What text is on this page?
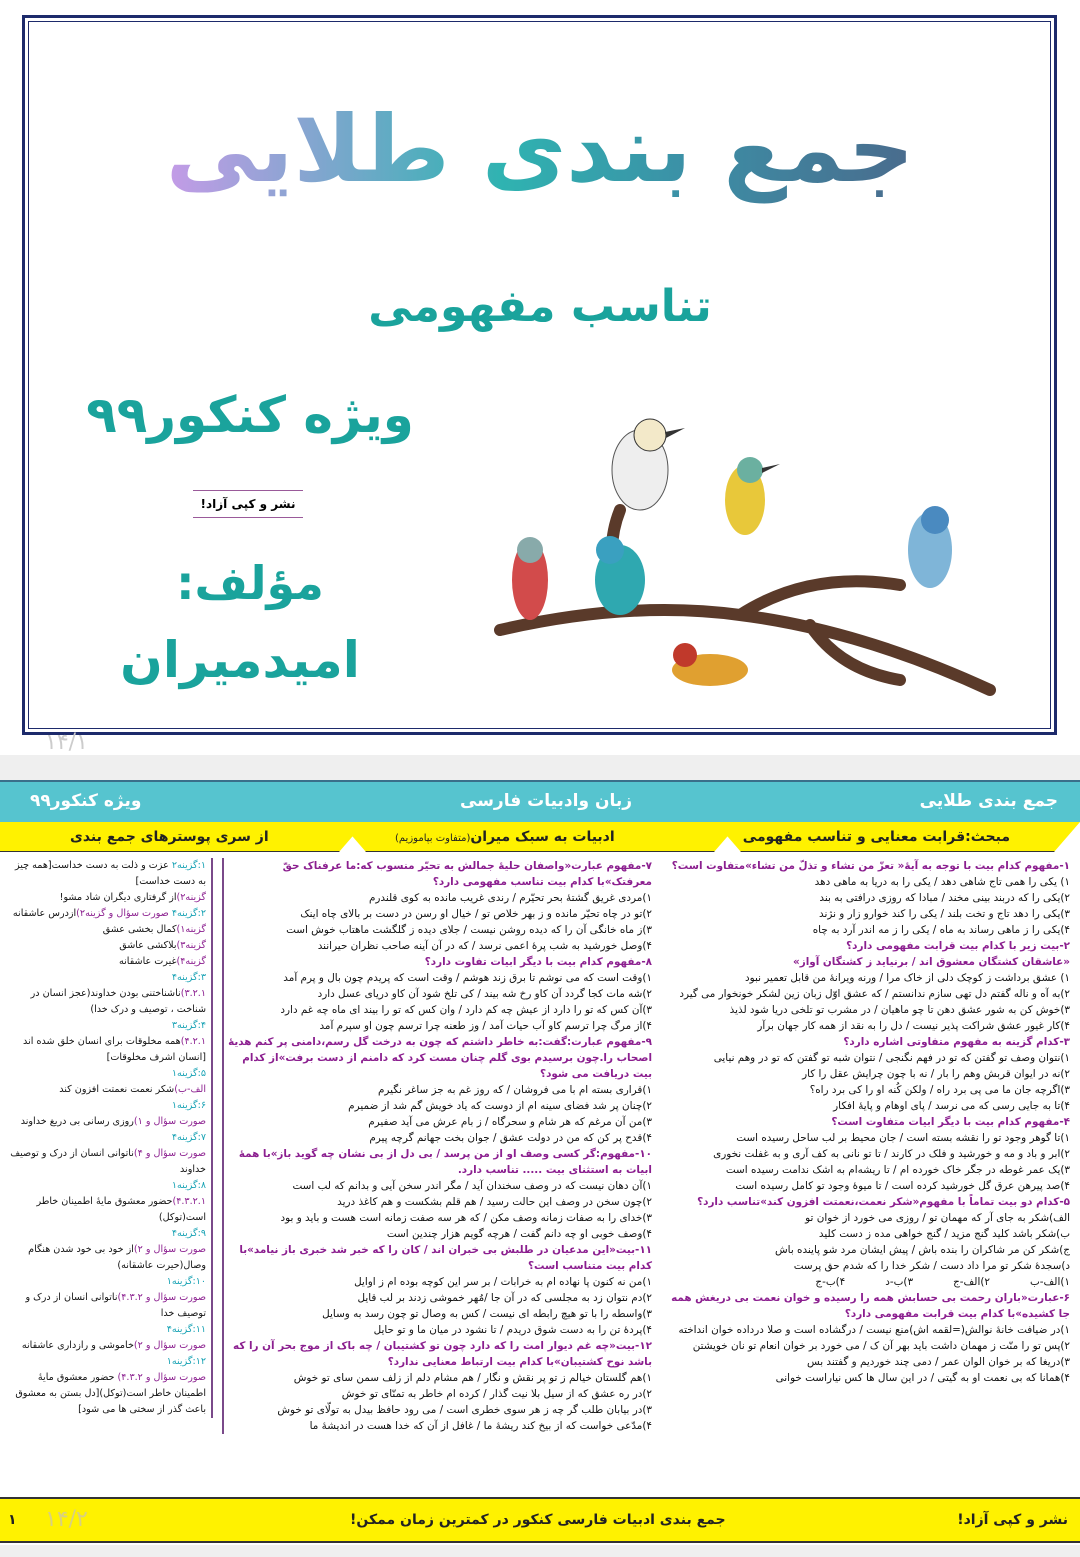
جمع بندی طلایی
تناسب مفهومی
ویژه کنکور۹۹
نشر و کپی آزاد!
مؤلف:
امیدمیران
۱۴/۱
جمع بندی طلایی
زبان وادبیات فارسی
ویژه کنکور۹۹
مبحث:قرابت معنایی و تناسب مفهومی
ادبیات به سبک میران(متفاوت بپاموزیم)
از سری پوسترهای جمع بندی
۱-مفهوم کدام بیت با توجه به آیهٔ« تعزّ من تشاء و تذلّ من تشاء»متفاوت است؟
۱) یکی را همی تاج شاهی دهد / یکی را به دریا به ماهی دهد
۲)یکی را که دربند بینی مخند / مبادا که روزی درافتی به بند
۳)یکی را دهد تاج و تخت بلند / یکی را کند خوارو زار و نژند
۴)یکی را ز ماهی رساند به ماه / یکی را ز مه اندر آرد به چاه
۲-بیت زیر با کدام بیت قرابت مفهومی دارد؟
«عاشقان کشتگان معشوق اند / برنیاید ز کشتگان آواز»
۱) عشق برداشت ز کوچک دلی از خاک مرا / ورنه ویرانهٔ من قابل تعمیر نبود
۲)به آه و ناله گفتم دل تهی سازم ندانستم / که عشق اوّل زبان زین لشکر خونخوار می گیرد
۳)خوش کن به شور عشق دهن تا چو ماهیان / در مشرب تو تلخی دریا شود لذیذ
۴)کار غیور عشق شراکت پذیر نیست / دل را به نقد از همه کار جهان برآر
۳-کدام گزینه به مفهوم متفاوتی اشاره دارد؟
۱)نتوان وصف تو گفتن که تو در فهم نگنجی / نتوان شبه تو گفتن که تو در وهم نیایی
۲)نه در ایوان قربش وهم را بار / نه با چون چرایش عقل را کار
۳)اگرچه جان ما می پی برد راه / ولکن کُنه او را کی برد راه؟
۴)تا به جایی رسی که می نرسد / پای اوهام و پایهٔ افکار
۴-مفهوم کدام بیت با دیگر ابیات متفاوت است؟
۱)تا گوهر وجود تو را نقشه بسته است / جان محیط بر لب ساحل رسیده است
۲)ابر و باد و مه و خورشید و فلک در کارند / تا تو نانی به کف آری و به غفلت نخوری
۳)یک عمر غوطه در جگر خاک خورده ام / تا ریشه‌ام به اشک ندامت رسیده است
۴)صد پیرهن عرق گل خورشید کرده است / تا میوهٔ وجود تو کامل رسیده است
۵-کدام دو بیت تماماً با مفهوم«شکر نعمت،نعمتت افزون کند»تناسب دارد؟
الف)شکر به جای آر که مهمان تو / روزی می خورد از خوان تو
ب)شکر باشد کلید گنج مزید / گنج خواهی مده ز دست کلید
ج)شکر کن مر شاکران را بنده باش / پیش ایشان مرد شو پاینده باش
د)سجدهٔ شکر تو مرا داد دست / شکر خدا را که شدم حق پرست
۱)الف-ب
۲)الف-ج
۳)ب-د
۴)ب-ج
۶-عبارت«باران رحمت بی حسابش همه را رسیده و خوان نعمت بی دریغش همه جا کشیده»با کدام بیت قرابت مفهومی دارد؟
۱)در ضیافت خانهٔ نوالش(=لقمه اش)منع نیست / درگشاده است و صلا درداده خوان انداخته
۲)پس تو را منّت ز مهمان داشت باید بهر آن ک / می خورد بر خوان انعام تو نان خویشتن
۳)دریغا که بر خوان الوان عمر / دمی چند خوردیم و گفتند بس
۴)همانا که بی نعمت او به گیتی / در این سال ها کس نیاراست خوانی
۷-مفهوم عبارت«واصفان حلیهٔ جمالش به تحیّر منسوب که:ما عرفناک حقّ معرفتک»با کدام بیت تناسب مفهومی دارد؟
۱)مردی غریق گشتهٔ بحر تحیّرم / رندی غریب مانده به کوی قلندرم
۲)تو در چاه تحیّر مانده و ز بهر خلاص تو / خیال او رسن در دست بر بالای چاه اینک
۳)ز ماه خانگی آن را که دیده روشن نیست / جلای دیده ز گلگشت ماهتاب خوش است
۴)وصل خورشید به شب پرهٔ اعمی نرسد / که در آن آینه صاحب نظران حیرانند
۸-مفهوم کدام بیت با دیگر ابیات تفاوت دارد؟
۱)وقت است که می نوشم تا برق زند هوشم / وقت است که پریدم چون بال و پرم آمد
۲)شه مات کجا گردد آن کاو رخ شه بیند / کی تلخ شود آن کاو دریای عسل دارد
۳)آن کس که تو را دارد از عیش چه کم دارد / وان کس که تو را بیند ای ماه چه غم دارد
۴)از مرگ چرا ترسم کاو آب حیات آمد / وز طعنه چرا ترسم چون او سپرم آمد
۹-مفهوم عبارت:گفت:به خاطر داشتم که چون به درخت گل رسم،دامنی پر کنم هدیهٔ اصحاب را.چون برسیدم بوی گلم چنان مست کرد که دامنم از دست برفت»از کدام بیت دریافت می شود؟
۱)قراری بسته ام با می فروشان / که روز غم به جز ساغر نگیرم
۲)چنان پر شد فضای سینه ام از دوست که یاد خویش گم شد از ضمیرم
۳)من آن مرغم که هر شام و سحرگاه / ز بام عرش می آید صفیرم
۴)قدح پر کن که من در دولت عشق / جوان بخت جهانم گرچه پیرم
۱۰-مفهوم:گر کسی وصف او از من پرسد / بی دل از بی نشان چه گوید باز»با همهٔ ابیات به استثنای بیت ..... تناسب دارد.
۱)آن دهان نیست که در وصف سخندان آید / مگر اندر سخن آیی و بدانم که لب است
۲)چون سخن در وصف این حالت رسید / هم قلم بشکست و هم کاغذ درید
۳)خدای را به صفات زمانه وصف مکن / که هر سه صفت زمانه است هست و باید و بود
۴)وصف خوبی او چه دانم گفت / هرچه گویم هزار چندین است
۱۱-بیت«این مدعیان در طلبش بی خبران اند / کان را که خبر شد خبری باز نیامد»با کدام بیت متناسب است؟
۱)من نه کنون پا نهاده ام به خرابات / بر سر این کوچه بوده ام ز اوایل
۲)دم نتوان زد به مجلسی که در آن جا /مُهر خموشی زدند بر لب قایل
۳)واسطه را با تو هیچ رابطه ای نیست / کس به وصال تو چون رسد به وسایل
۴)پردهٔ تن را به دست شوق دریدم / تا نشود در میان ما و تو حایل
۱۲-بیت«چه غم دیوار امت را که دارد چون تو کشتیبان / چه باک از موج بحر آن را که باشد نوح کشتیبان»با کدام بیت ارتباط معنایی ندارد؟
۱)هم گلستان خیالم ز تو پر نقش و نگار / هم مشام دلم از زلف سمن سای تو خوش
۲)در ره عشق که از سیل بلا نیت گذار / کرده ام خاطر به تمنّای تو خوش
۳)در بیابان طلب گر چه ز هر سوی خطری است / می رود حافظ بیدل به تولّای تو خوش
۴)مدّعی خواست که از بیخ کند ریشهٔ ما / غافل از آن که خدا هست در اندیشهٔ ما
۱:گزینه۲ عزت و ذلت به دست خداست[همه چیز به دست خداست]
گزینه۲)از گرفتاری دیگران شاد مشو!
۲:گزینه۴ صورت سؤال و گزینه۲)ازدرس عاشقانه
گزینه۱)کمال بخشی عشق
گزینه۳)بلاکشی عاشق
گزینه۴)غیرت عاشقانه
۳:گزینه۴
۳.۲.۱)ناشناختنی بودن خداوند(عجز انسان در شناخت ، توصیف و درک خدا)
۴:گزینه۳
۴.۲.۱)همه مخلوقات برای انسان خلق شده اند [انسان اشرف مخلوقات]
۵:گزینه۱
الف-ب)شکر نعمت نعمتت افزون کند
۶:گزینه۱
صورت سؤال و ۱)روزی رسانی بی دریغ خداوند
۷:گزینه۴
صورت سؤال و ۴)ناتوانی انسان از درک و توصیف خداوند
۸:گزینه۱
۴.۳.۲.۱)حضور معشوق مایهٔ اطمینان خاطر است(توکل)
۹:گزینه۴
صورت سؤال و ۲)از خود بی خود شدن هنگام وصال(حیرت عاشقانه)
۱۰:گزینه۱
صورت سؤال و ۴.۳.۲)ناتوانی انسان از درک و توصیف خدا
۱۱:گزینه۴
صورت سؤال و ۲)خاموشی و رازداری عاشقانه
۱۲:گزینه۱
صورت سؤال و ۴.۳.۲) حضور معشوق مایهٔ اطمینان خاطر است(توکل)[دل بستن به معشوق باعث گذر از سختی ها می شود]
نشر و کپی آزاد!
جمع بندی ادبیات فارسی کنکور در کمترین زمان ممکن!
۱۴/۲
۱
